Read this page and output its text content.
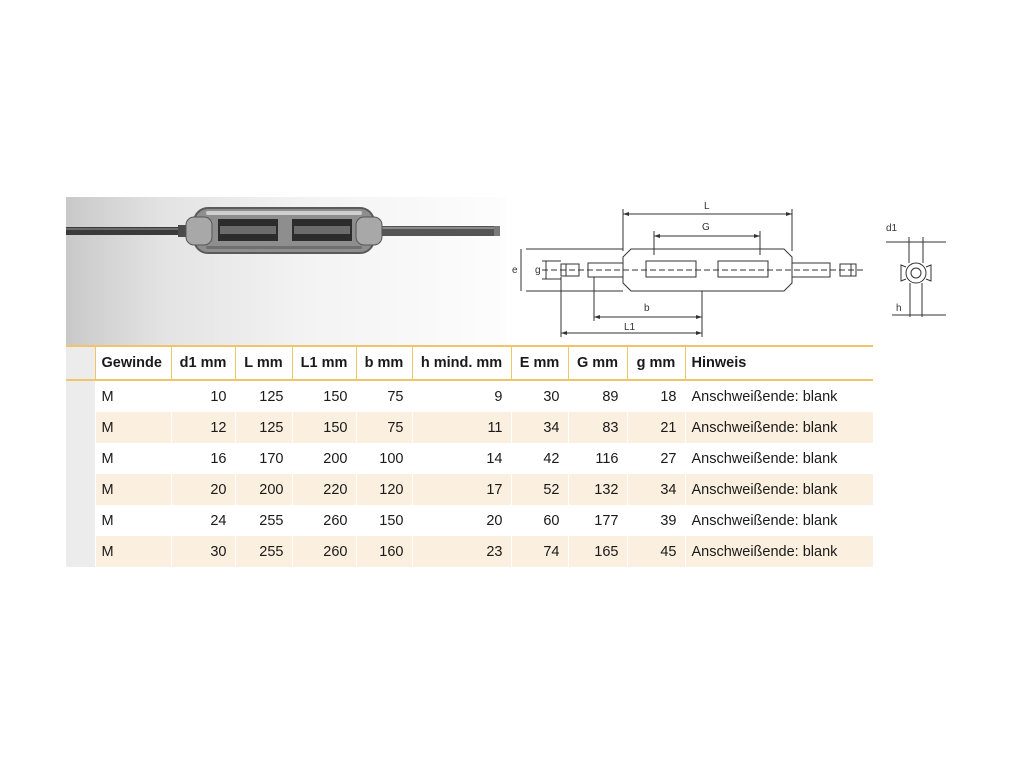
L
G
e g
b
L1
d1
h
	Gewinde	d1 mm	L mm	L1 mm	b mm	h mind. mm	E mm	G mm	g mm	Hinweis
	M	10	125	150	75	9	30	89	18	Anschweißende: blank
	M	12	125	150	75	11	34	83	21	Anschweißende: blank
	M	16	170	200	100	14	42	116	27	Anschweißende: blank
	M	20	200	220	120	17	52	132	34	Anschweißende: blank
	M	24	255	260	150	20	60	177	39	Anschweißende: blank
	M	30	255	260	160	23	74	165	45	Anschweißende: blank
